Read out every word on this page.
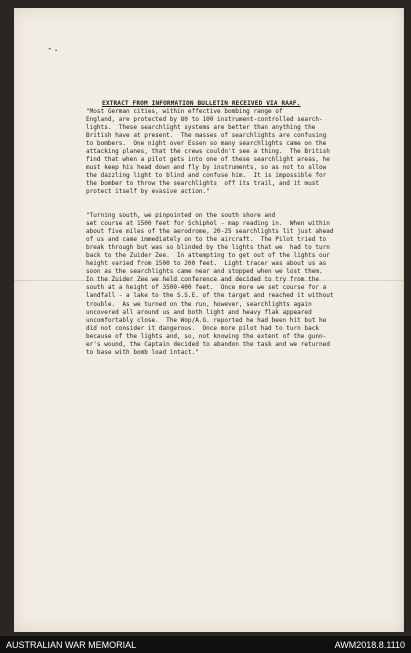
-.
EXTRACT FROM INFORMATION BULLETIN RECEIVED VIA RAAF.
"Most German cities, within effective bombing range of
England, are protected by 80 to 100 instrument-controlled search-
lights.  These searchlight systems are better than anything the
British have at present.  The masses of searchlights are confusing
to bombers.  One night over Essen so many searchlights came on the
attacking planes, that the crews couldn't see a thing.  The British
find that when a pilot gets into one of these searchlight areas, he
must keep his head down and fly by instruments, so as not to allow
the dazzling light to blind and confuse him.  It is impossible for
the bomber to throw the searchlights  off its trail, and it must
protect itself by evasive action."
"Turning south, we pinpointed on the south shore and
set course at 1500 feet for Schiphol - map reading in.  When within
about five miles of the aerodrome, 20-25 searchlights lit just ahead
of us and came immediately on to the aircraft.  The Pilot tried to
break through but was so blinded by the lights that we  had to turn
back to the Zuider Zee.  In attempting to get out of the lights our
height varied from 1500 to 200 feet.  Light tracer was about us as
soon as the searchlights came near and stopped when we lost them.
In the Zuider Zee we held conference and decided to try from the
south at a height of 3500-400 feet.  Once more we set course for a
landfall - a lake to the S.S.E. of the target and reached it without
trouble.  As we turned on the run, however, searchlights again
uncovered all around us and both light and heavy flak appeared
uncomfortably close.  The Wop/A.G. reported he had been hit but he
did not consider it dangerous.  Once more pilot had to turn back
because of the lights and, so, not knowing the extent of the gunn-
er's wound, the Captain decided to abandon the task and we returned
to base with bomb load intact."
AUSTRALIAN WAR MEMORIAL	AWM2018.8.1110
